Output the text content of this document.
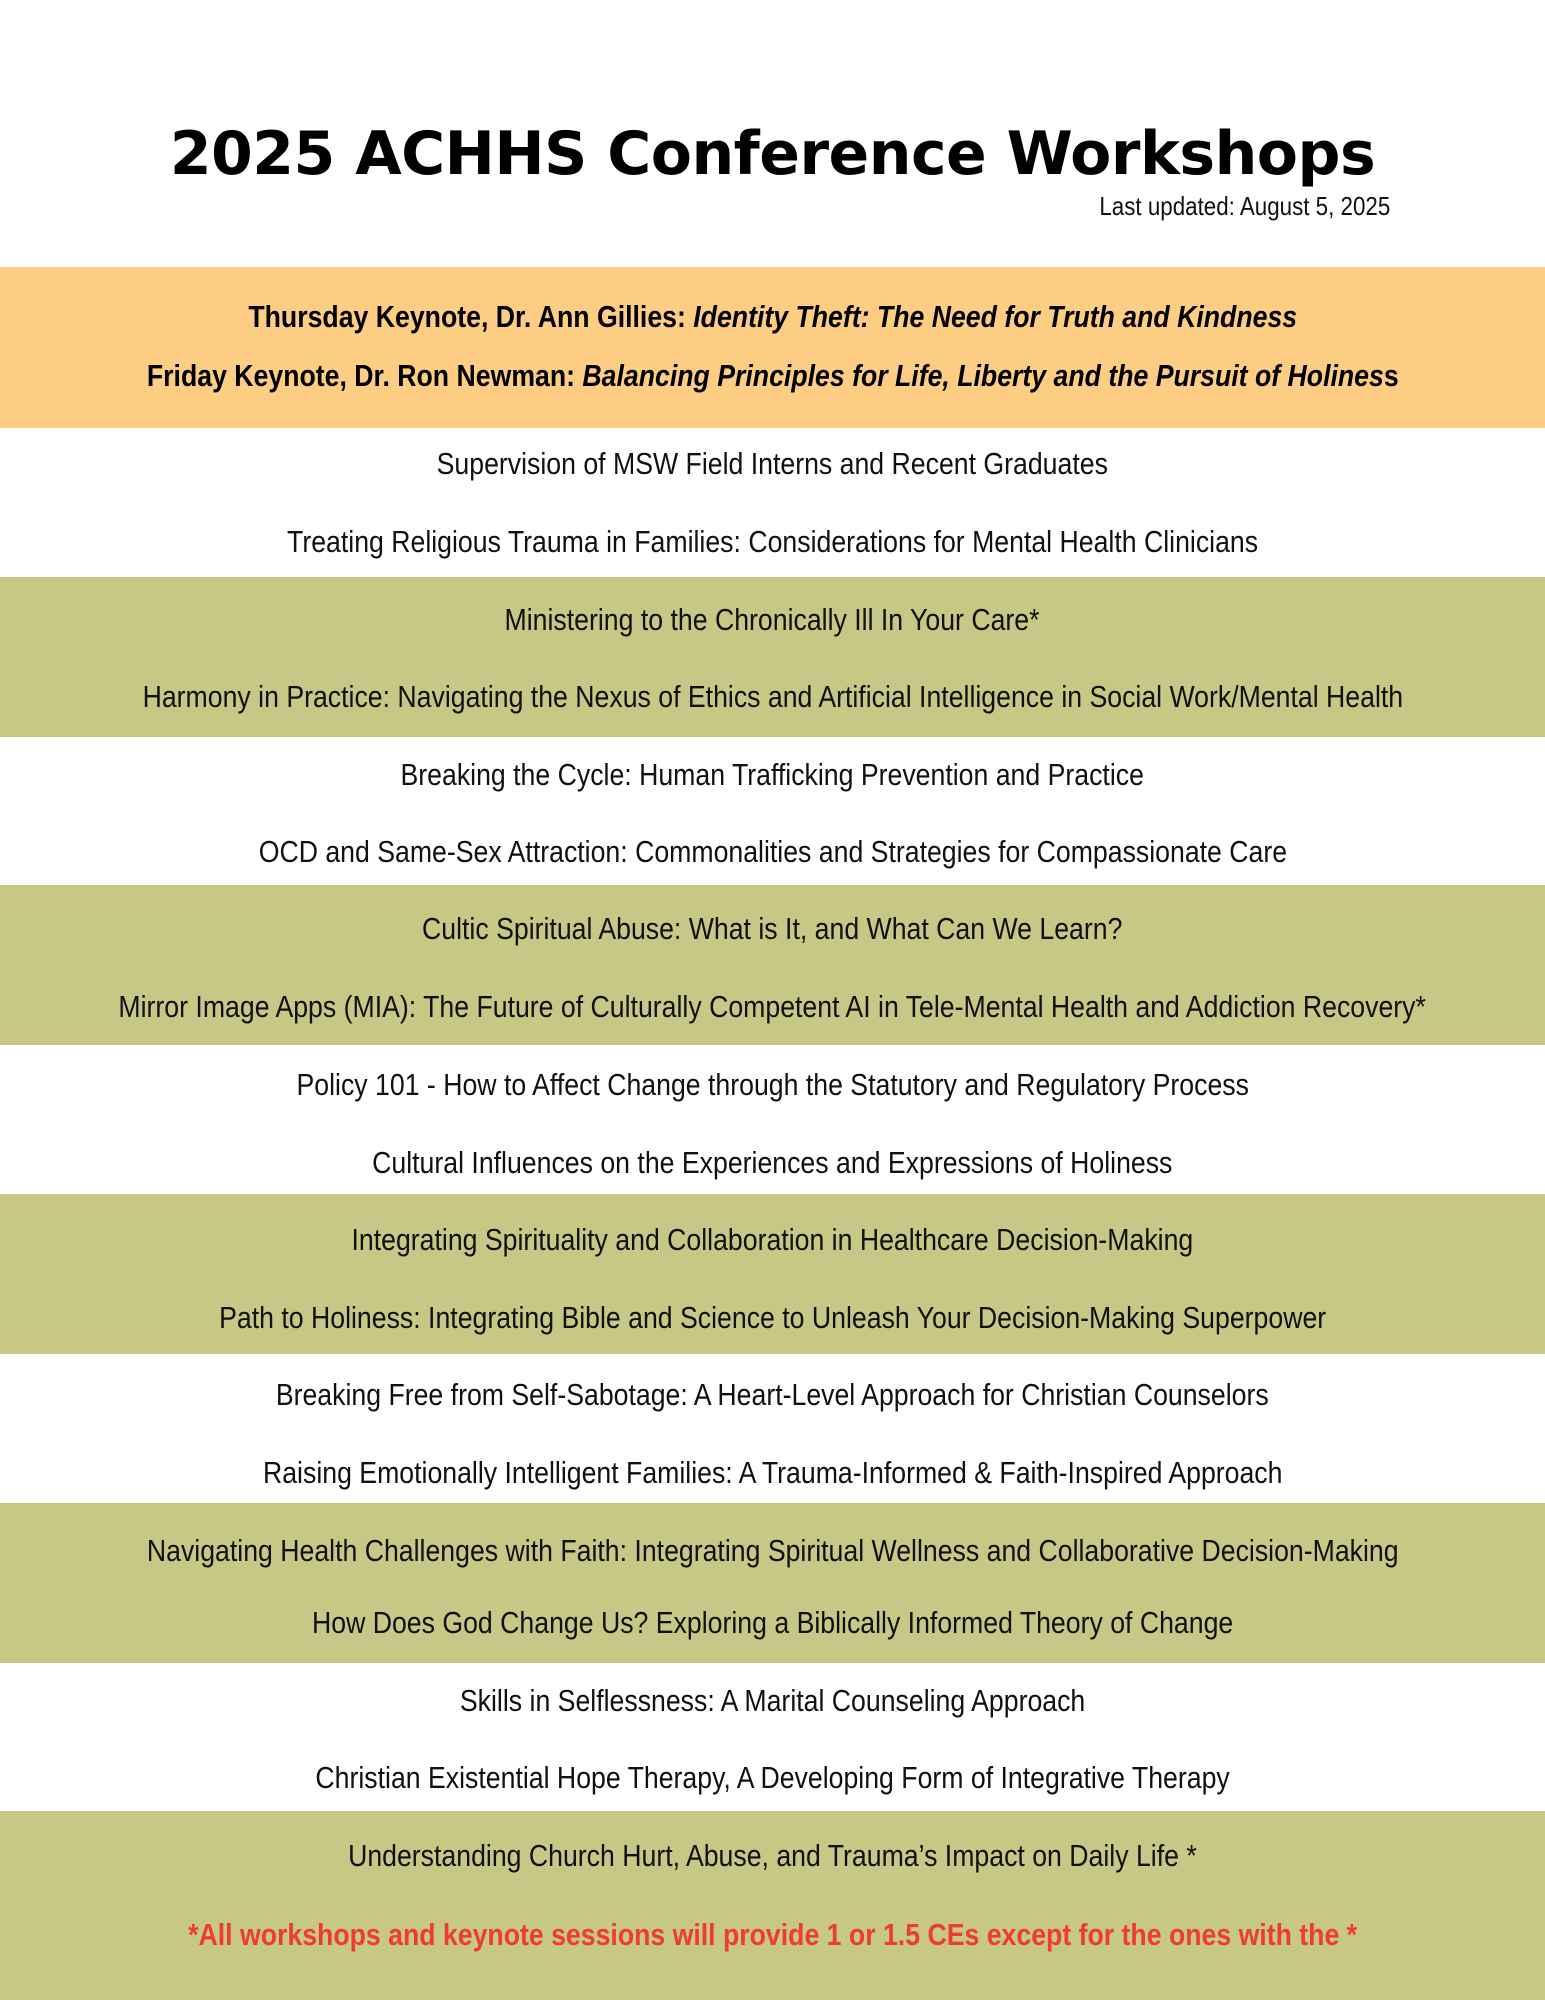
2025 ACHHS Conference Workshops
Last updated: August 5, 2025
Thursday Keynote, Dr. Ann Gillies: Identity Theft: The Need for Truth and Kindness
Friday Keynote, Dr. Ron Newman: Balancing Principles for Life, Liberty and the Pursuit of Holiness
Supervision of MSW Field Interns and Recent Graduates
Treating Religious Trauma in Families: Considerations for Mental Health Clinicians
Ministering to the Chronically Ill In Your Care*
Harmony in Practice: Navigating the Nexus of Ethics and Artificial Intelligence in Social Work/Mental Health
Breaking the Cycle: Human Trafficking Prevention and Practice
OCD and Same-Sex Attraction: Commonalities and Strategies for Compassionate Care
Cultic Spiritual Abuse: What is It, and What Can We Learn?
Mirror Image Apps (MIA): The Future of Culturally Competent AI in Tele-Mental Health and Addiction Recovery*
Policy 101 - How to Affect Change through the Statutory and Regulatory Process
Cultural Influences on the Experiences and Expressions of Holiness
Integrating Spirituality and Collaboration in Healthcare Decision-Making
Path to Holiness: Integrating Bible and Science to Unleash Your Decision-Making Superpower
Breaking Free from Self-Sabotage: A Heart-Level Approach for Christian Counselors
Raising Emotionally Intelligent Families: A Trauma-Informed & Faith-Inspired Approach
Navigating Health Challenges with Faith: Integrating Spiritual Wellness and Collaborative Decision-Making
How Does God Change Us? Exploring a Biblically Informed Theory of Change
Skills in Selflessness: A Marital Counseling Approach
Christian Existential Hope Therapy, A Developing Form of Integrative Therapy
Understanding Church Hurt, Abuse, and Trauma’s Impact on Daily Life *
*All workshops and keynote sessions will provide 1 or 1.5 CEs except for the ones with the *
